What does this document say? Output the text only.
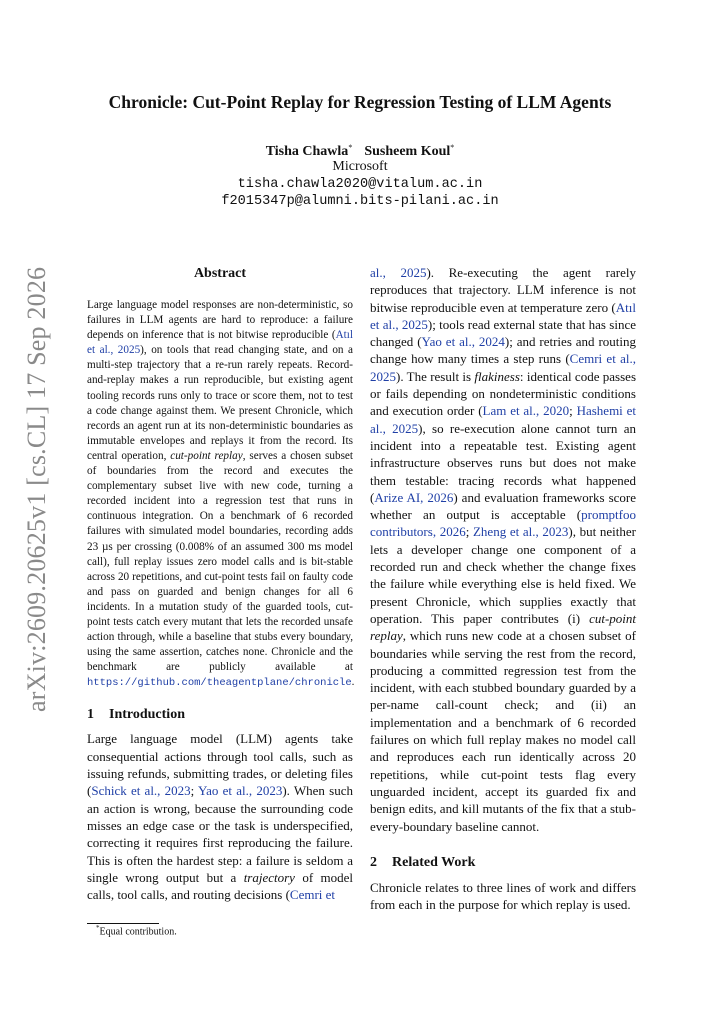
arXiv:2609.20625v1 [cs.CL] 17 Sep 2026
Chronicle: Cut-Point Replay for Regression Testing of LLM Agents
Tisha Chawla* Susheem Koul*
Microsoft
tisha.chawla2020@vitalum.ac.in
f2015347p@alumni.bits-pilani.ac.in
Abstract

Large language model responses are non-deterministic, so failures in LLM agents are hard to reproduce: a failure depends on inference that is not bitwise reproducible (Atıl et al., 2025), on tools that read changing state, and on a multi-step trajectory that a re-run rarely repeats. Record-and-replay makes a run reproducible, but existing agent tooling records runs only to trace or score them, not to test a code change against them. We present Chronicle, which records an agent run at its non-deterministic boundaries as immutable envelopes and replays it from the record. Its central operation, cut-point replay, serves a chosen subset of boundaries from the record and executes the complementary subset live with new code, turning a recorded incident into a regression test that runs in continuous integration. On a benchmark of 6 recorded failures with simulated model boundaries, recording adds 23 µs per crossing (0.008% of an assumed 300 ms model call), full replay issues zero model calls and is bit-stable across 20 repetitions, and cut-point tests fail on faulty code and pass on guarded and benign changes for all 6 incidents. In a mutation study of the guarded tools, cut-point tests catch every mutant that lets the recorded unsafe action through, while a baseline that stubs every boundary, using the same assertion, catches none. Chronicle and the benchmark are publicly available at https://github.com/theagentplane/chronicle.

1 Introduction

Large language model (LLM) agents take consequential actions through tool calls, such as issuing refunds, submitting trades, or deleting files (Schick et al., 2023; Yao et al., 2023). When such an action is wrong, because the surrounding code misses an edge case or the task is underspecified, correcting it requires first reproducing the failure. This is often the hardest step: a failure is seldom a single wrong output but a trajectory of model calls, tool calls, and routing decisions (Cemri et

*Equal contribution.

al., 2025). Re-executing the agent rarely reproduces that trajectory. LLM inference is not bitwise reproducible even at temperature zero (Atıl et al., 2025); tools read external state that has since changed (Yao et al., 2024); and retries and routing change how many times a step runs (Cemri et al., 2025). The result is flakiness: identical code passes or fails depending on nondeterministic conditions and execution order (Lam et al., 2020; Hashemi et al., 2025), so re-execution alone cannot turn an incident into a repeatable test. Existing agent infrastructure observes runs but does not make them testable: tracing records what happened (Arize AI, 2026) and evaluation frameworks score whether an output is acceptable (promptfoo contributors, 2026; Zheng et al., 2023), but neither lets a developer change one component of a recorded run and check whether the change fixes the failure while everything else is held fixed. We present Chronicle, which supplies exactly that operation. This paper contributes (i) cut-point replay, which runs new code at a chosen subset of boundaries while serving the rest from the record, producing a committed regression test from the incident, with each stubbed boundary guarded by a per-name call-count check; and (ii) an implementation and a benchmark of 6 recorded failures on which full replay makes no model call and reproduces each run identically across 20 repetitions, while cut-point tests flag every unguarded incident, accept its guarded fix and benign edits, and kill mutants of the fix that a stub-every-boundary baseline cannot.

2 Related Work

Chronicle relates to three lines of work and differs from each in the purpose for which replay is used.
